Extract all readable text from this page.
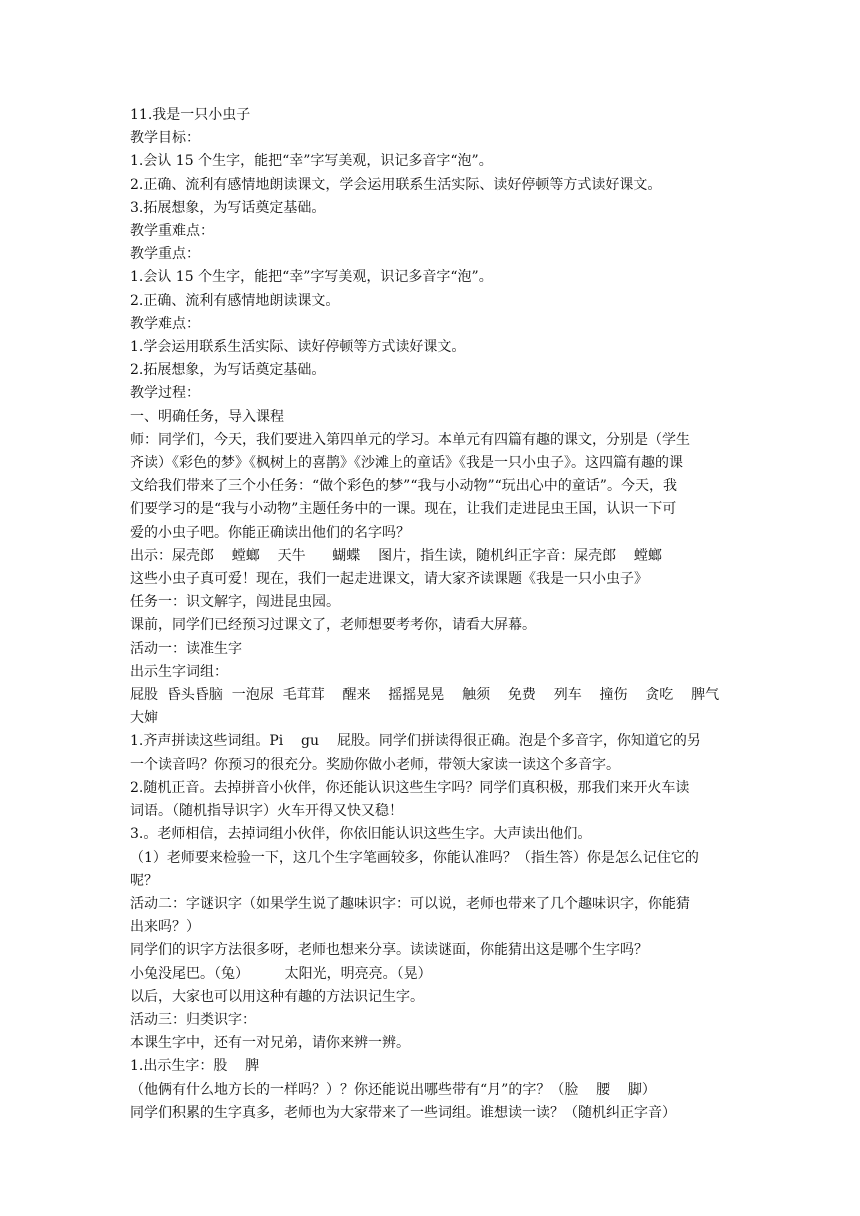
11.我是一只小虫子

教学目标：

1.会认 15 个生字，能把“幸”字写美观，识记多音字“泡”。

2.正确、流利有感情地朗读课文，学会运用联系生活实际、读好停顿等方式读好课文。

3.拓展想象，为写话奠定基础。

教学重难点：

教学重点：

1.会认 15 个生字，能把“幸”字写美观，识记多音字“泡”。

2.正确、流利有感情地朗读课文。

教学难点：

1.学会运用联系生活实际、读好停顿等方式读好课文。

2.拓展想象，为写话奠定基础。

教学过程：

一、明确任务，导入课程

师：同学们，今天，我们要进入第四单元的学习。本单元有四篇有趣的课文，分别是（学生

齐读）《彩色的梦》《枫树上的喜鹊》《沙滩上的童话》《我是一只小虫子》。这四篇有趣的课

文给我们带来了三个小任务：“做个彩色的梦”“我与小动物”“玩出心中的童话”。今天，我

们要学习的是“我与小动物”主题任务中的一课。现在，让我们走进昆虫王国，认识一下可

爱的小虫子吧。你能正确读出他们的名字吗？

出示：屎壳郎    螳螂    天牛      蝴蝶    图片，指生读，随机纠正字音：屎壳郎    螳螂

这些小虫子真可爱！现在，我们一起走进课文，请大家齐读课题《我是一只小虫子》

任务一：识文解字，闯进昆虫园。

课前，同学们已经预习过课文了，老师想要考考你，请看大屏幕。

活动一：读准生字

出示生字词组：

屁股  昏头昏脑  一泡尿  毛茸茸    醒来    摇摇晃晃    触须    免费    列车    撞伤    贪吃    脾气

大婶

1.齐声拼读这些词组。Pi    gu    屁股。同学们拼读得很正确。泡是个多音字，你知道它的另

一个读音吗？你预习的很充分。奖励你做小老师，带领大家读一读这个多音字。

2.随机正音。去掉拼音小伙伴，你还能认识这些生字吗？同学们真积极，那我们来开火车读

词语。（随机指导识字）火车开得又快又稳！

3.。老师相信，去掉词组小伙伴，你依旧能认识这些生字。大声读出他们。

（1）老师要来检验一下，这几个生字笔画较多，你能认准吗？（指生答）你是怎么记住它的

呢？

活动二：字谜识字（如果学生说了趣味识字：可以说，老师也带来了几个趣味识字，你能猜

出来吗？）

同学们的识字方法很多呀，老师也想来分享。读读谜面，你能猜出这是哪个生字吗？

小兔没尾巴。（兔）        太阳光，明亮亮。（晃）

以后，大家也可以用这种有趣的方法识记生字。

活动三：归类识字：

本课生字中，还有一对兄弟，请你来辨一辨。

1.出示生字：股    脾

（他俩有什么地方长的一样吗？）？你还能说出哪些带有“月”的字？（脸    腰    脚）

同学们积累的生字真多，老师也为大家带来了一些词组。谁想读一读？（随机纠正字音）
